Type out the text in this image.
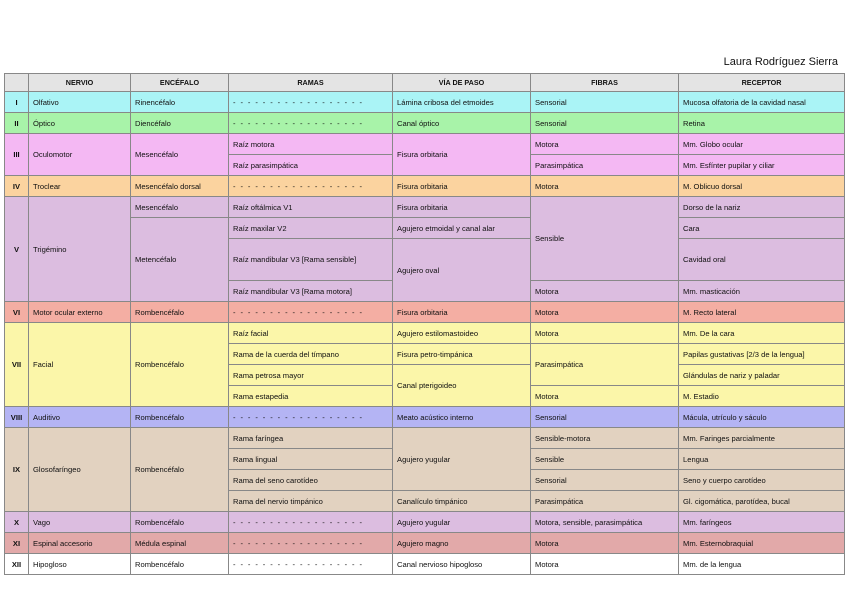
Laura Rodríguez Sierra
	NERVIO	ENCÉFALO	RAMAS	VÍA DE PASO	FIBRAS	RECEPTOR
I	Olfativo	Rinencéfalo	- - - - - - - - - - - - - - - - - -	Lámina cribosa del etmoides	Sensorial	Mucosa olfatoria de la cavidad nasal
II	Óptico	Diencéfalo	- - - - - - - - - - - - - - - - - -	Canal óptico	Sensorial	Retina
III	Oculomotor	Mesencéfalo	Raíz motora	Fisura orbitaria	Motora	Mm. Globo ocular
			Raíz parasimpática		Parasimpática	Mm. Esfínter pupilar y ciliar
IV	Troclear	Mesencéfalo dorsal	- - - - - - - - - - - - - - - - - -	Fisura orbitaria	Motora	M. Oblicuo dorsal
V	Trigémino	Mesencéfalo	Raíz oftálmica V1	Fisura orbitaria	Sensible	Dorso de la nariz
		Metencéfalo	Raíz maxilar V2	Agujero etmoidal y canal alar		Cara
			Raíz mandibular V3 [Rama sensible]	Agujero oval		Cavidad oral
			Raíz mandibular V3 [Rama motora]		Motora	Mm. masticación
VI	Motor ocular externo	Rombencéfalo	- - - - - - - - - - - - - - - - - -	Fisura orbitaria	Motora	M. Recto lateral
VII	Facial	Rombencéfalo	Raíz facial	Agujero estilomastoideo	Motora	Mm. De la cara
			Rama de la cuerda del tímpano	Fisura petro-timpánica	Parasimpática	Papilas gustativas [2/3 de la lengua]
			Rama petrosa mayor	Canal pterigoideo		Glándulas de nariz y paladar
			Rama estapedia		Motora	M. Estadio
VIII	Auditivo	Rombencéfalo	- - - - - - - - - - - - - - - - - -	Meato acústico interno	Sensorial	Mácula, utrículo y sáculo
IX	Glosofaríngeo	Rombencéfalo	Rama faríngea	Agujero yugular	Sensible-motora	Mm. Faringes parcialmente
			Rama lingual		Sensible	Lengua
			Rama del seno carotídeo		Sensorial	Seno y cuerpo carotídeo
			Rama del nervio timpánico	Canalículo timpánico	Parasimpática	Gl. cigomática, parotídea, bucal
X	Vago	Rombencéfalo	- - - - - - - - - - - - - - - - - -	Agujero yugular	Motora, sensible, parasimpática	Mm. faríngeos
XI	Espinal accesorio	Médula espinal	- - - - - - - - - - - - - - - - - -	Agujero magno	Motora	Mm. Esternobraquial
XII	Hipogloso	Rombencéfalo	- - - - - - - - - - - - - - - - - -	Canal nervioso hipogloso	Motora	Mm. de la lengua
